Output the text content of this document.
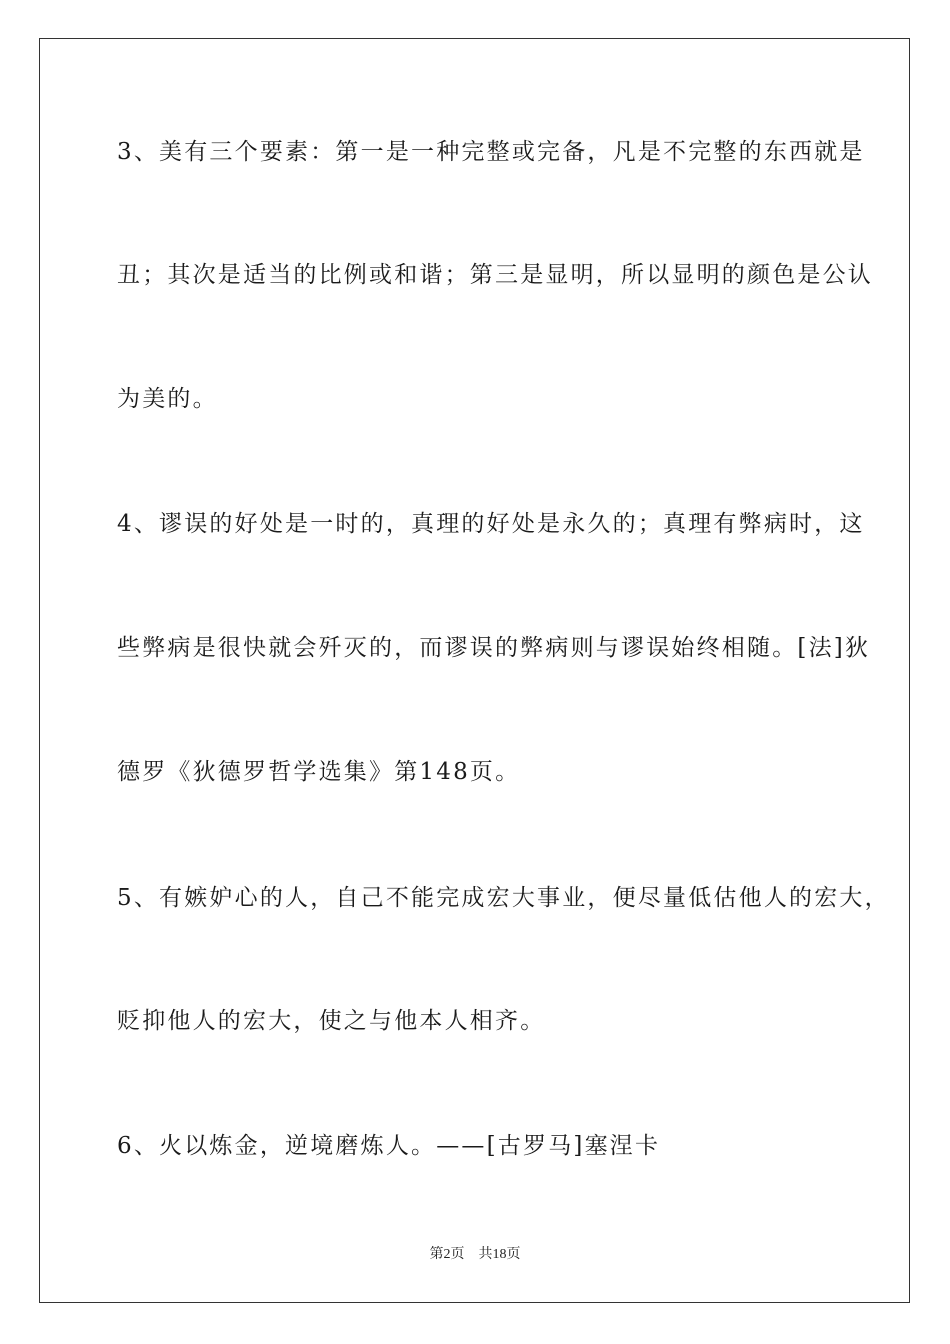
3、美有三个要素：第一是一种完整或完备，凡是不完整的东西就是
丑；其次是适当的比例或和谐；第三是显明，所以显明的颜色是公认
为美的。
4、谬误的好处是一时的，真理的好处是永久的；真理有弊病时，这
些弊病是很快就会歼灭的，而谬误的弊病则与谬误始终相随。[法]狄
德罗《狄德罗哲学选集》第148页。
5、有嫉妒心的人，自己不能完成宏大事业，便尽量低估他人的宏大，
贬抑他人的宏大，使之与他本人相齐。
6、火以炼金，逆境磨炼人。——[古罗马]塞涅卡
第2页 共18页
